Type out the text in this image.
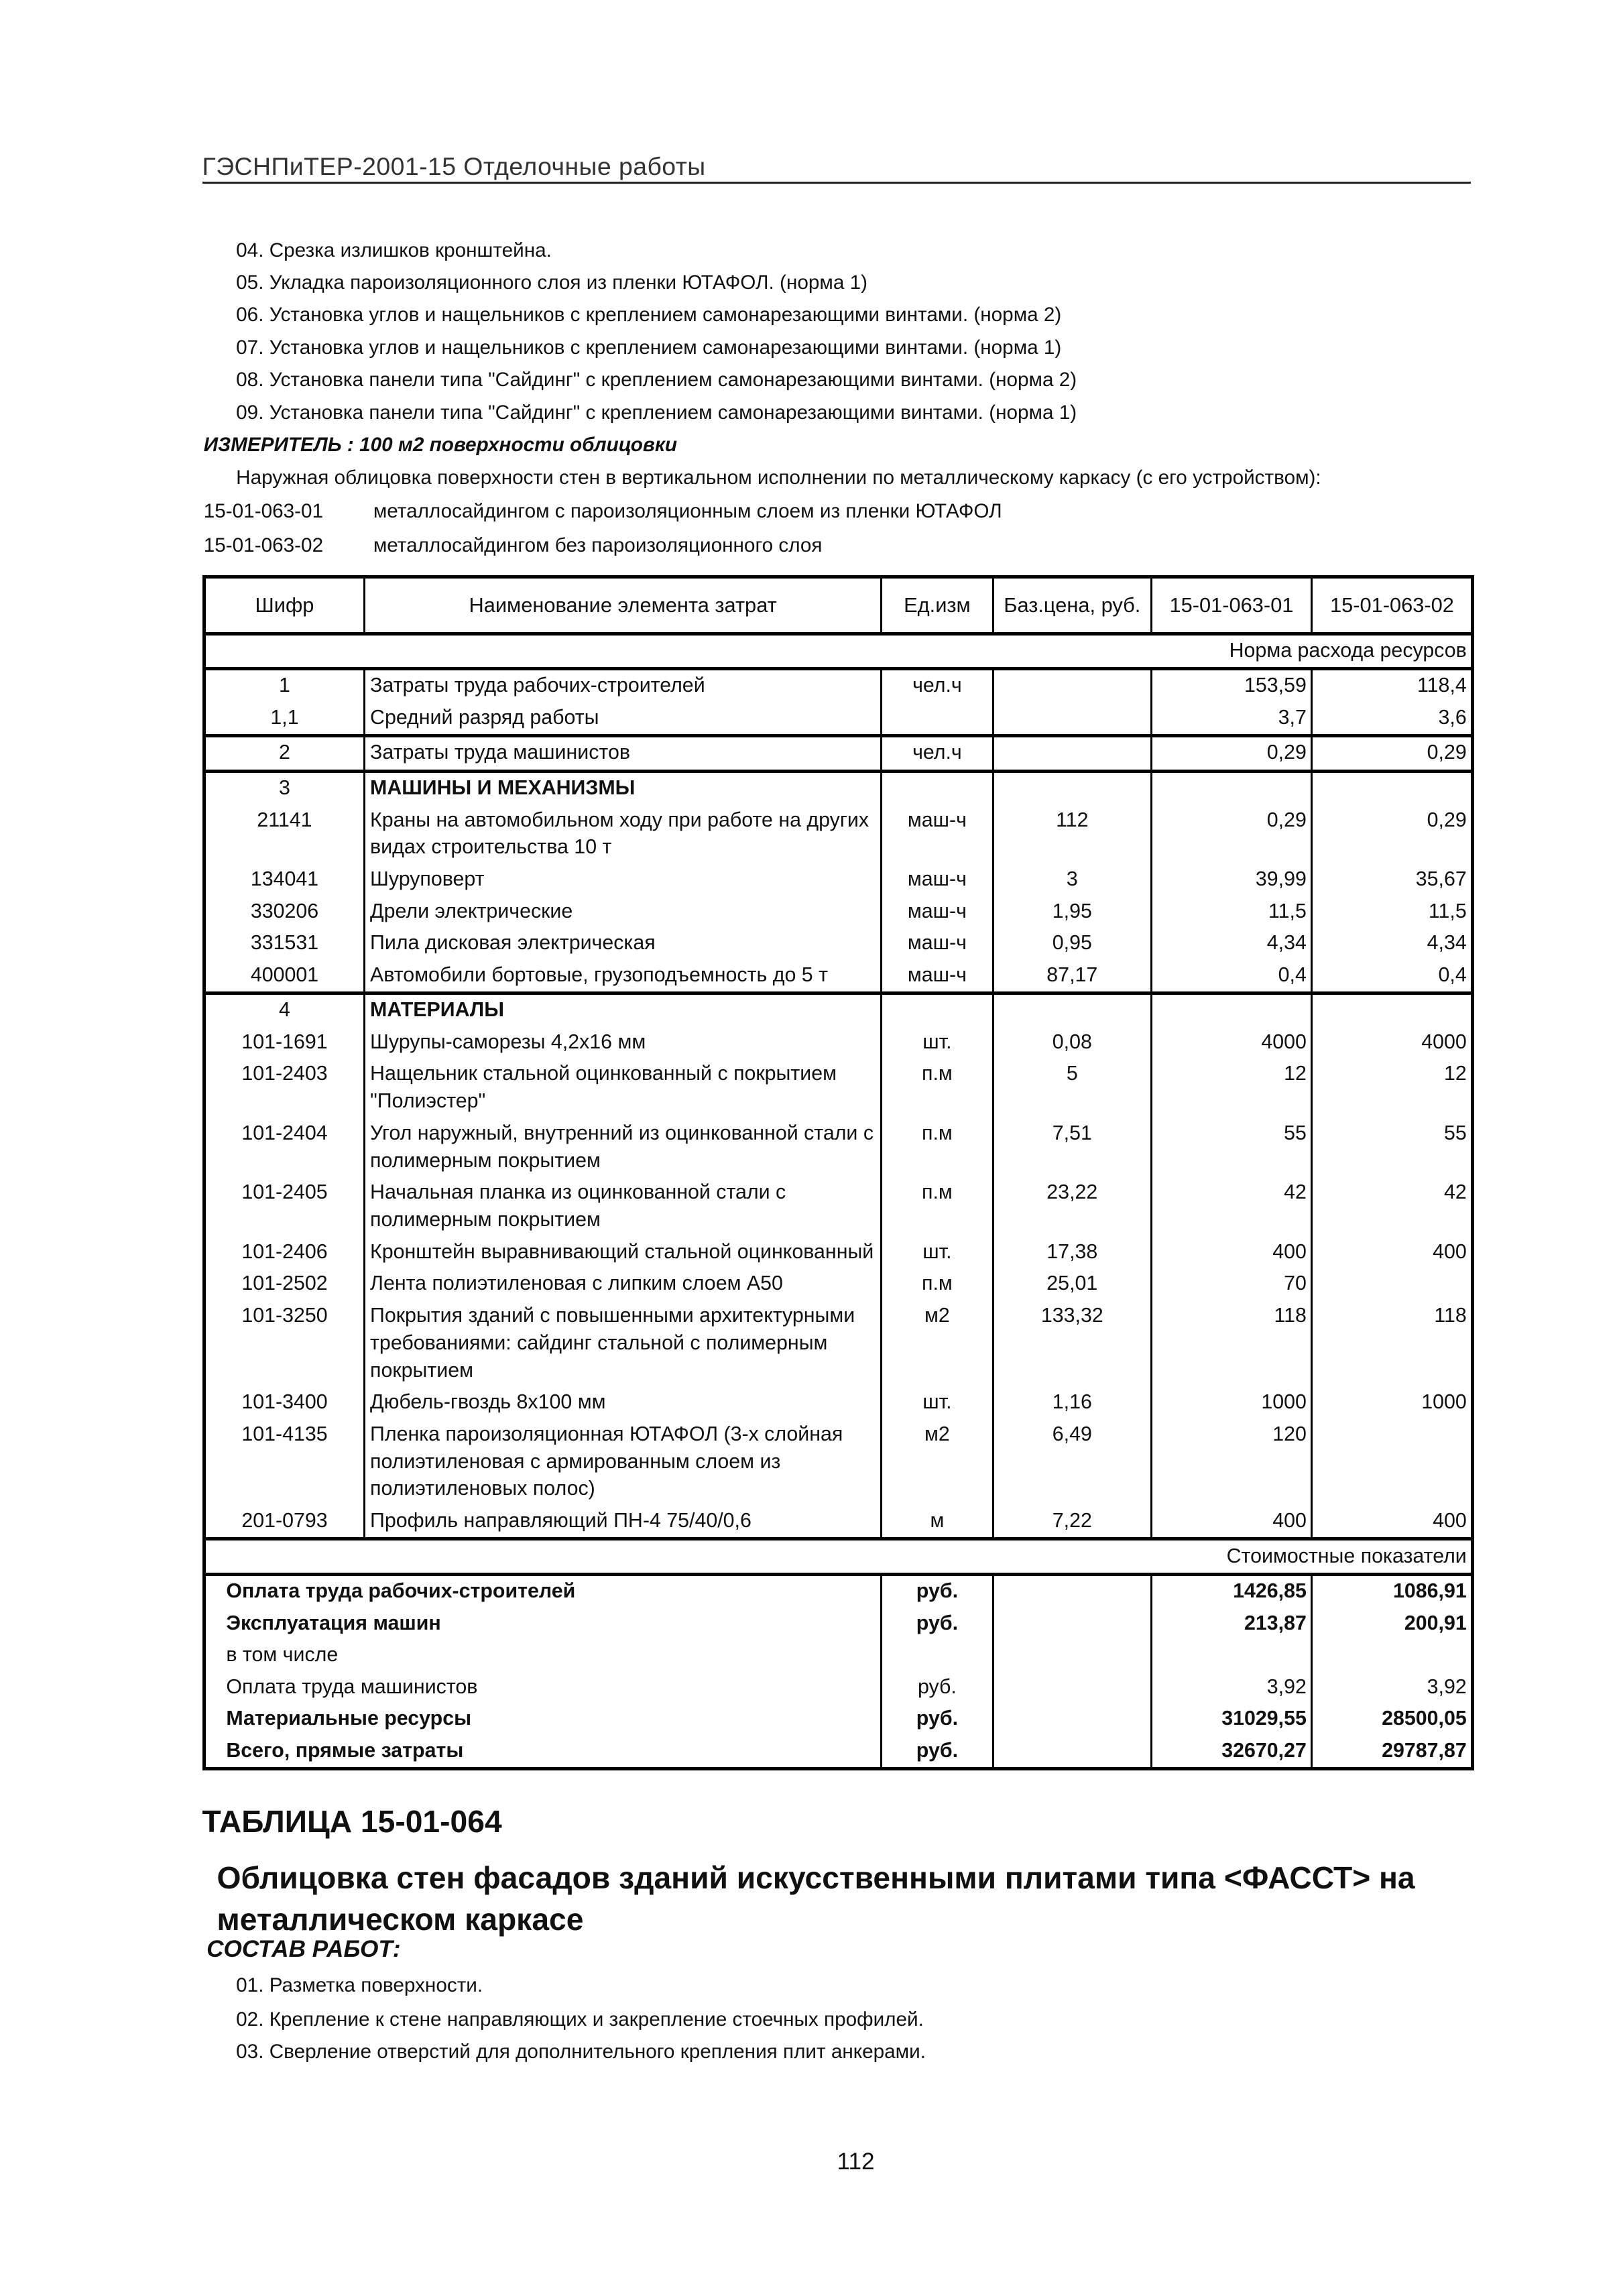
ГЭСНПиТЕР-2001-15 Отделочные работы
04. Срезка излишков кронштейна.
05. Укладка пароизоляционного слоя из пленки ЮТАФОЛ. (норма 1)
06. Установка углов и нащельников с креплением самонарезающими винтами. (норма 2)
07. Установка углов и нащельников с креплением самонарезающими винтами. (норма 1)
08. Установка панели типа "Сайдинг" с креплением самонарезающими винтами. (норма 2)
09. Установка панели типа "Сайдинг" с креплением самонарезающими винтами. (норма 1)
ИЗМЕРИТЕЛЬ : 100 м2 поверхности облицовки
Наружная облицовка поверхности стен в вертикальном исполнении по металлическому каркасу (с его устройством):
15-01-063-01	металлосайдингом с пароизоляционным слоем из пленки ЮТАФОЛ
15-01-063-02	металлосайдингом без пароизоляционного слоя
Шифр	Наименование элемента затрат	Ед.изм	Баз.цена, руб.	15-01-063-01	15-01-063-02
Норма расхода ресурсов					
1	Затраты труда рабочих-строителей	чел.ч		153,59	118,4
1,1	Средний разряд работы			3,7	3,6
2	Затраты труда машинистов	чел.ч		0,29	0,29
3	МАШИНЫ И МЕХАНИЗМЫ				
21141	Краны на автомобильном ходу при работе на других видах строительства 10 т	маш-ч	112	0,29	0,29
134041	Шуруповерт	маш-ч	3	39,99	35,67
330206	Дрели электрические	маш-ч	1,95	11,5	11,5
331531	Пила дисковая электрическая	маш-ч	0,95	4,34	4,34
400001	Автомобили бортовые, грузоподъемность до 5 т	маш-ч	87,17	0,4	0,4
4	МАТЕРИАЛЫ				
101-1691	Шурупы-саморезы 4,2х16 мм	шт.	0,08	4000	4000
101-2403	Нащельник стальной оцинкованный с покрытием "Полиэстер"	п.м	5	12	12
101-2404	Угол наружный, внутренний из оцинкованной стали с полимерным покрытием	п.м	7,51	55	55
101-2405	Начальная планка из оцинкованной стали с полимерным покрытием	п.м	23,22	42	42
101-2406	Кронштейн выравнивающий стальной оцинкованный	шт.	17,38	400	400
101-2502	Лента полиэтиленовая с липким слоем А50	п.м	25,01	70	
101-3250	Покрытия зданий с повышенными архитектурными требованиями: сайдинг стальной с полимерным покрытием	м2	133,32	118	118
101-3400	Дюбель-гвоздь 8х100 мм	шт.	1,16	1000	1000
101-4135	Пленка пароизоляционная ЮТАФОЛ (3-х слойная полиэтиленовая с армированным слоем из полиэтиленовых полос)	м2	6,49	120	
201-0793	Профиль направляющий ПН-4 75/40/0,6	м	7,22	400	400
Стоимостные показатели					
Оплата труда рабочих-строителей		руб.		1426,85	1086,91
Эксплуатация машин		руб.		213,87	200,91
в том числе					
Оплата труда машинистов		руб.		3,92	3,92
Материальные ресурсы		руб.		31029,55	28500,05
Всего, прямые затраты		руб.		32670,27	29787,87
ТАБЛИЦА 15-01-064
Облицовка стен фасадов зданий искусственными плитами типа <ФАССТ> на металлическом каркасе
СОСТАВ РАБОТ:
01. Разметка поверхности.
02. Крепление к стене направляющих и закрепление стоечных профилей.
03. Сверление отверстий для дополнительного крепления плит анкерами.
112
